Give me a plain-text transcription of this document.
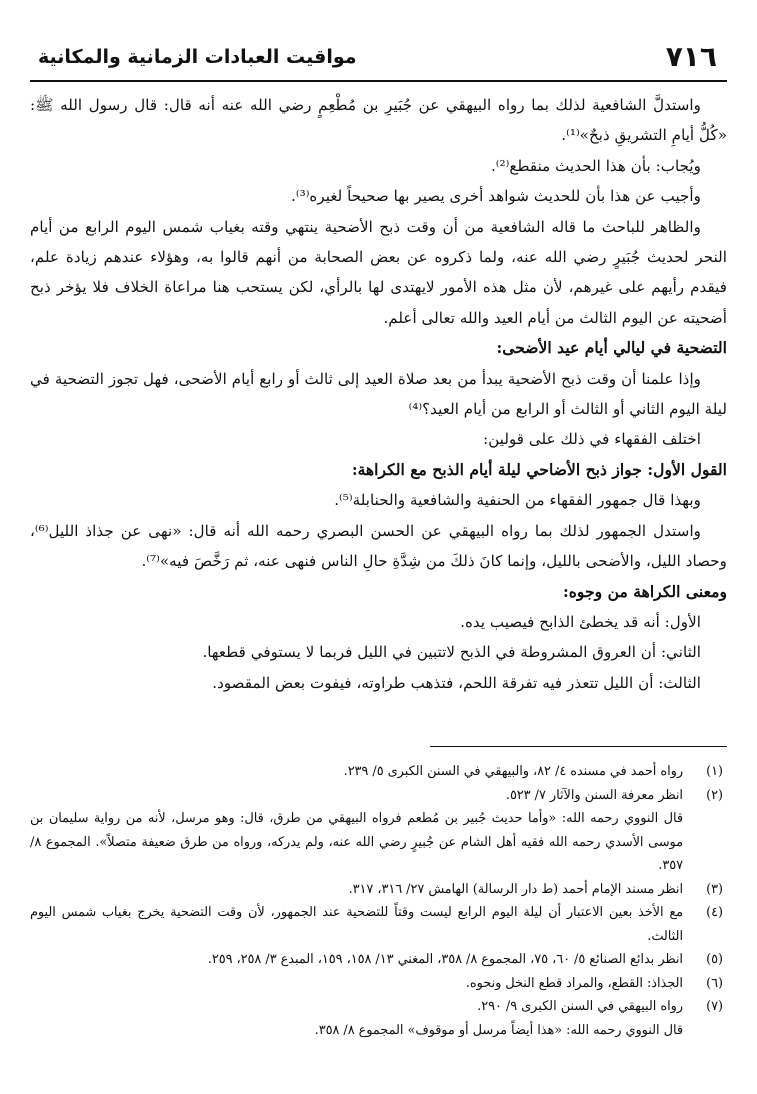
٧١٦
مواقيت العبادات الزمانية والمكانية

واستدلَّ الشافعية لذلك بما رواه البيهقي عن جُبَيرِ بن مُطْعِمٍ رضي الله عنه أنه قال: قال رسول الله ﷺ: «كُلُّ أيامِ التشريقِ ذبحٌ»⁽¹⁾.

ويُجاب: بأن هذا الحديث منقطع⁽²⁾.

وأجيب عن هذا بأن للحديث شواهد أخرى يصير بها صحيحاً لغيره⁽³⁾.

والظاهر للباحث ما قاله الشافعية من أن وقت ذبح الأضحية ينتهي وقته بغياب شمس اليوم الرابع من أيام النحر لحديث جُبَيرٍ رضي الله عنه، ولما ذكروه عن بعض الصحابة من أنهم قالوا به، وهؤلاء عندهم زيادة علم، فيقدم رأيهم على غيرهم، لأن مثل هذه الأمور لايهتدى لها بالرأي، لكن يستحب هنا مراعاة الخلاف فلا يؤخر ذبح أضحيته عن اليوم الثالث من أيام العيد والله تعالى أعلم.

التضحية في ليالي أيام عيد الأضحى:

وإذا علمنا أن وقت ذبح الأضحية يبدأ من بعد صلاة العيد إلى ثالث أو رابع أيام الأضحى، فهل تجوز التضحية في ليلة اليوم الثاني أو الثالث أو الرابع من أيام العيد؟⁽⁴⁾

اختلف الفقهاء في ذلك على قولين:

القول الأول: جواز ذبح الأضاحي ليلة أيام الذبح مع الكراهة:

وبهذا قال جمهور الفقهاء من الحنفية والشافعية والحنابلة⁽⁵⁾.

واستدل الجمهور لذلك بما رواه البيهقي عن الحسن البصري رحمه الله أنه قال: «نهى عن جذاذ الليل⁽⁶⁾، وحصاد الليل، والأضحى بالليل، وإنما كانَ ذلكَ من شِدَّةِ حالِ الناس فنهى عنه، ثم رَخَّصَ فيه»⁽⁷⁾.

ومعنى الكراهة من وجوه:

الأول: أنه قد يخطئ الذابح فيصيب يده.

الثاني: أن العروق المشروطة في الذبح لاتتبين في الليل فربما لا يستوفي قطعها.

الثالث: أن الليل تتعذر فيه تفرقة اللحم، فتذهب طراوته، فيفوت بعض المقصود.

(١)

رواه أحمد في مسنده ٤/ ٨٢، والبيهقي في السنن الكبرى ٥/ ٢٣٩.

(٢)

انظر معرفة السنن والآثار ٧/ ٥٢٣.

قال النووي رحمه الله: «وأما حديث جُبير بن مُطعم فرواه البيهقي من طرق، قال: وهو مرسل، لأنه من رواية سليمان بن موسى الأسدي رحمه الله فقيه أهل الشام عن جُبيرٍ رضي الله عنه، ولم يدركه، ورواه من طرق ضعيفة متصلاً». المجموع ٨/ ٣٥٧.

(٣)

انظر مسند الإمام أحمد (ط دار الرسالة) الهامش ٢٧/ ٣١٦، ٣١٧.

(٤)

مع الأخذ بعين الاعتبار أن ليلة اليوم الرابع ليست وقتاً للتضحية عند الجمهور، لأن وقت التضحية يخرج بغياب شمس اليوم الثالث.

(٥)

انظر بدائع الصنائع ٥/ ٦٠، ٧٥، المجموع ٨/ ٣٥٨، المغني ١٣/ ١٥٨، ١٥٩، المبدع ٣/ ٢٥٨، ٢٥٩.

(٦)

الجذاذ: القطع، والمراد قطع النخل ونحوه.

(٧)

رواه البيهقي في السنن الكبرى ٩/ ٢٩٠.

قال النووي رحمه الله: «هذا أيضاً مرسل أو موقوف» المجموع ٨/ ٣٥٨.
